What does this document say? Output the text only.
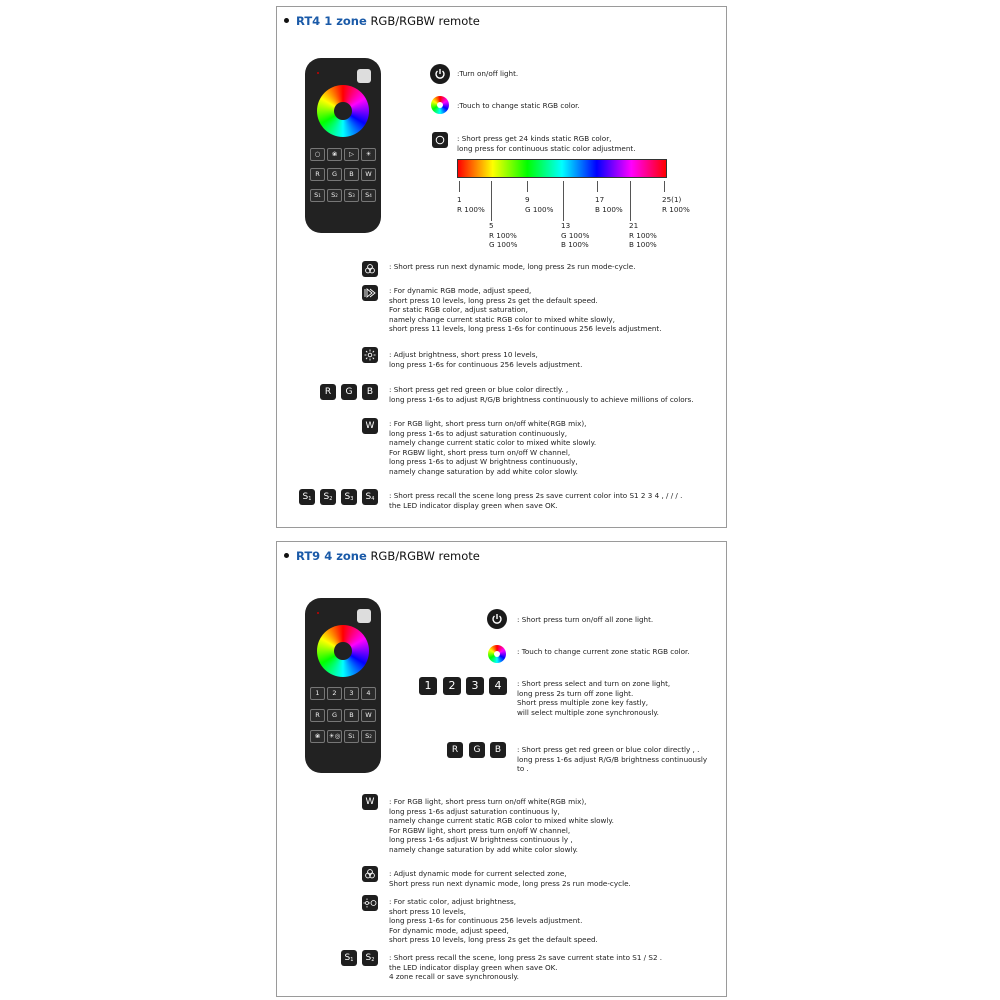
RT4 1 zone RGB/RGBW remote
○	❀	▷	☀
R	G	B	W
S1	S2	S3	S4
:Turn on/off light.
:Touch to change static RGB color.
: Short press get 24 kinds static RGB color,
long press for continuous static color adjustment.
1
R 100%
9
G 100%
17
B 100%
25(1)
R 100%
5
R 100%
G 100%
13
G 100%
B 100%
21
R 100%
B 100%
: Short press run next dynamic mode, long press 2s run mode-cycle.
: For dynamic RGB mode, adjust speed,
short press 10 levels, long press 2s get the default speed.
For static RGB color, adjust saturation,
namely change current static RGB color to mixed white slowly,
short press 11 levels, long press 1-6s for continuous 256 levels adjustment.
: Adjust brightness, short press 10 levels,
long press 1-6s for continuous 256 levels adjustment.
R	G	B	: Short press get red green or blue color directly. ,
long press 1-6s to adjust R/G/B brightness continuously to achieve millions of colors.
W	: For RGB light, short press turn on/off white(RGB mix),
long press 1-6s to adjust saturation continuously,
namely change current static color to mixed white slowly.
For RGBW light, short press turn on/off W channel,
long press 1-6s to adjust W brightness continuously,
namely change saturation by add white color slowly.
$S_1$	$S_2$	$S_3$	$S_4$	: Short press recall the scene long press 2s save current color into S1 2 3 4 , / / / .
the LED indicator display green when save OK.
RT9 4 zone RGB/RGBW remote
1	2	3	4
R	G	B	W
❀	☀◎	S1	S2
: Short press turn on/off all zone light.
: Touch to change current zone static RGB color.
1	2	3	4	: Short press select and turn on zone light,
long press 2s turn off zone light.
Short press multiple zone key fastly,
will select multiple zone synchronously.
R	G	B	: Short press get red green or blue color directly , .
long press 1-6s adjust R/G/B brightness continuously
to .
W	: For RGB light, short press turn on/off white(RGB mix),
long press 1-6s adjust saturation continuous ly,
namely change current static RGB color to mixed white slowly.
For RGBW light, short press turn on/off W channel,
long press 1-6s adjust W brightness continuous ly ,
namely change saturation by add white color slowly.
: Adjust dynamic mode for current selected zone,
Short press run next dynamic mode, long press 2s run mode-cycle.
: For static color, adjust brightness,
short press 10 levels,
long press 1-6s for continuous 256 levels adjustment.
For dynamic mode, adjust speed,
short press 10 levels, long press 2s get the default speed.
$S_1$	$S_2$	: Short press recall the scene, long press 2s save current state into S1 / S2 .
the LED indicator display green when save OK.
4 zone recall or save synchronously.
